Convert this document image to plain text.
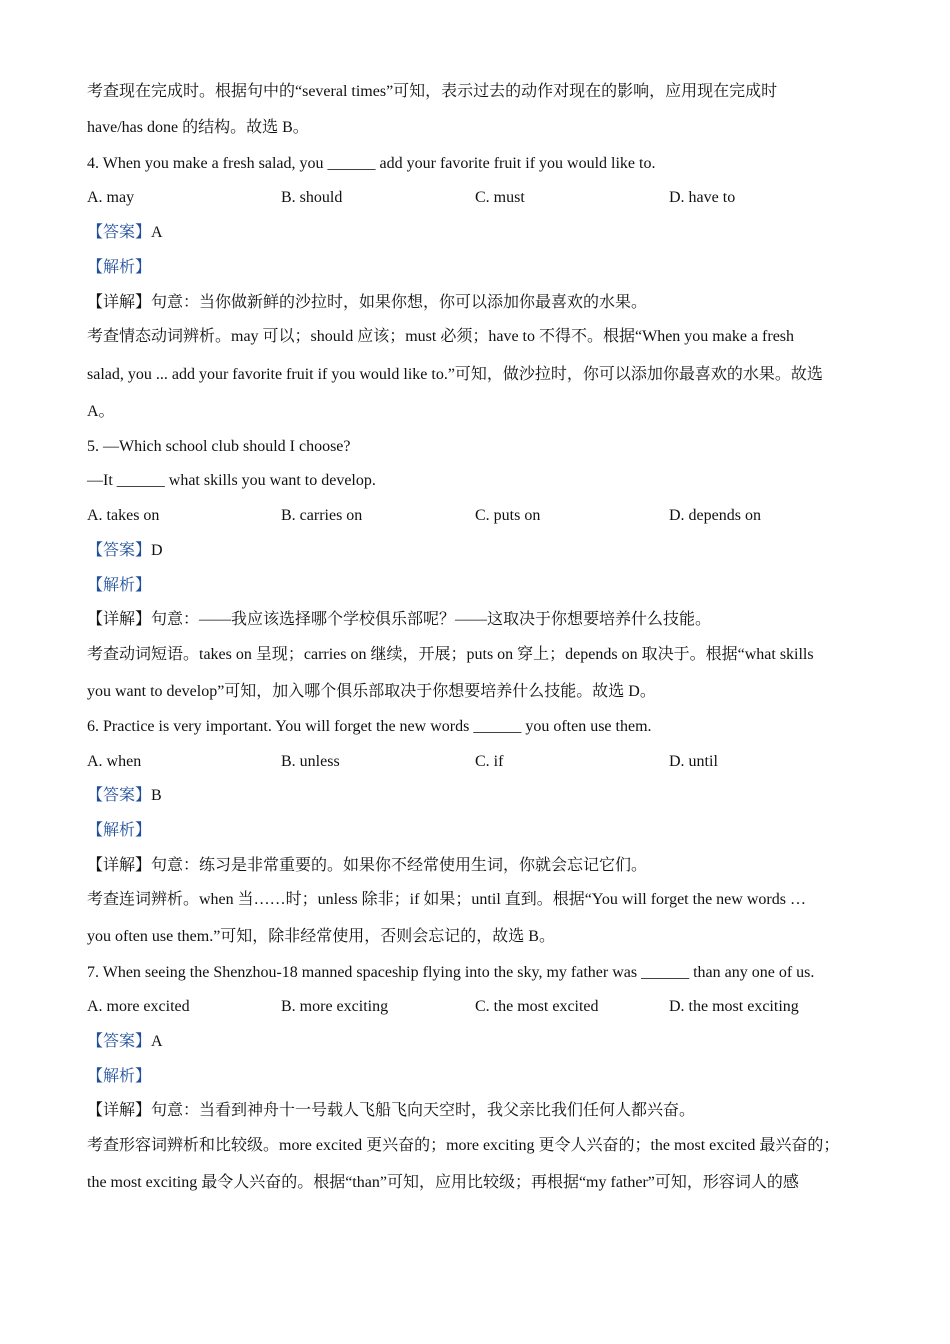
考查现在完成时。根据句中的“several times”可知，表示过去的动作对现在的影响，应用现在完成时
have/has done 的结构。故选 B。
4. When you make a fresh salad, you ______ add your favorite fruit if you would like to.
A. may	B. should	C. must	D. have to
【答案】A
【解析】
【详解】句意：当你做新鲜的沙拉时，如果你想，你可以添加你最喜欢的水果。
考查情态动词辨析。may 可以；should 应该；must 必须；have to 不得不。根据“When you make a fresh
salad, you ... add your favorite fruit if you would like to.”可知，做沙拉时，你可以添加你最喜欢的水果。故选
A。
5. —Which school club should I choose?
—It ______ what skills you want to develop.
A. takes on	B. carries on	C. puts on	D. depends on
【答案】D
【解析】
【详解】句意：——我应该选择哪个学校俱乐部呢？——这取决于你想要培养什么技能。
考查动词短语。takes on 呈现；carries on 继续，开展；puts on 穿上；depends on 取决于。根据“what skills
you want to develop”可知，加入哪个俱乐部取决于你想要培养什么技能。故选 D。
6. Practice is very important. You will forget the new words ______ you often use them.
A. when	B. unless	C. if	D. until
【答案】B
【解析】
【详解】句意：练习是非常重要的。如果你不经常使用生词，你就会忘记它们。
考查连词辨析。when 当……时；unless 除非；if 如果；until 直到。根据“You will forget the new words …
you often use them.”可知，除非经常使用，否则会忘记的，故选 B。
7. When seeing the Shenzhou-18 manned spaceship flying into the sky, my father was ______ than any one of us.
A. more excited	B. more exciting	C. the most excited	D. the most exciting
【答案】A
【解析】
【详解】句意：当看到神舟十一号载人飞船飞向天空时，我父亲比我们任何人都兴奋。
考查形容词辨析和比较级。more excited 更兴奋的；more exciting 更令人兴奋的；the most excited 最兴奋的；
the most exciting 最令人兴奋的。根据“than”可知，应用比较级；再根据“my father”可知，形容词人的感
